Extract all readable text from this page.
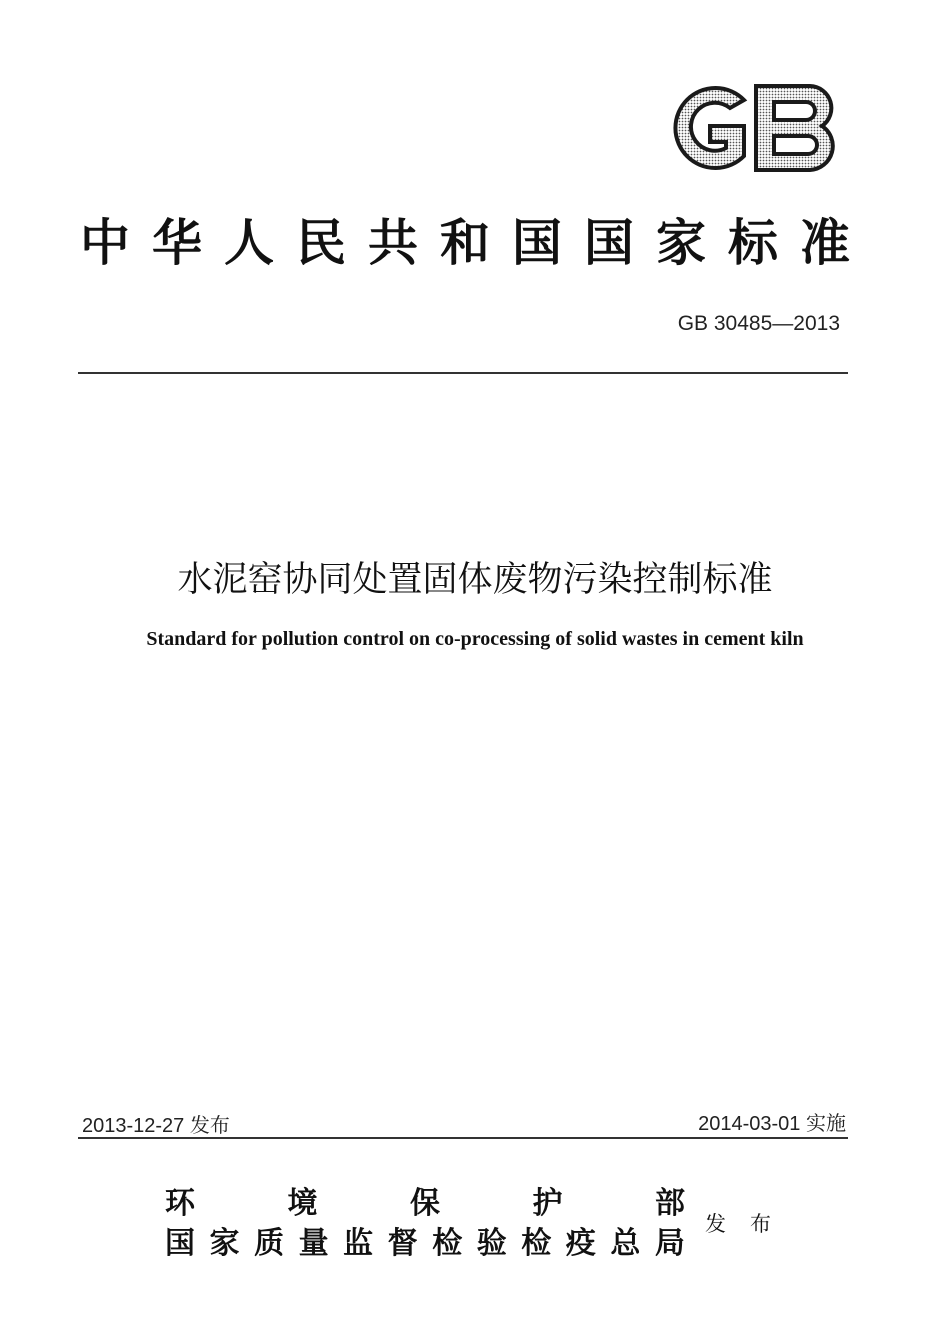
中 华 人 民 共 和 国 国 家 标 准
GB 30485—2013
水泥窑协同处置固体废物污染控制标准
Standard for pollution control on co-processing of solid wastes in cement kiln
2013-12-27 发布	2014-03-01 实施
环	境	保	护	部
国 家 质 量 监 督 检 验 检 疫 总 局
发 布
